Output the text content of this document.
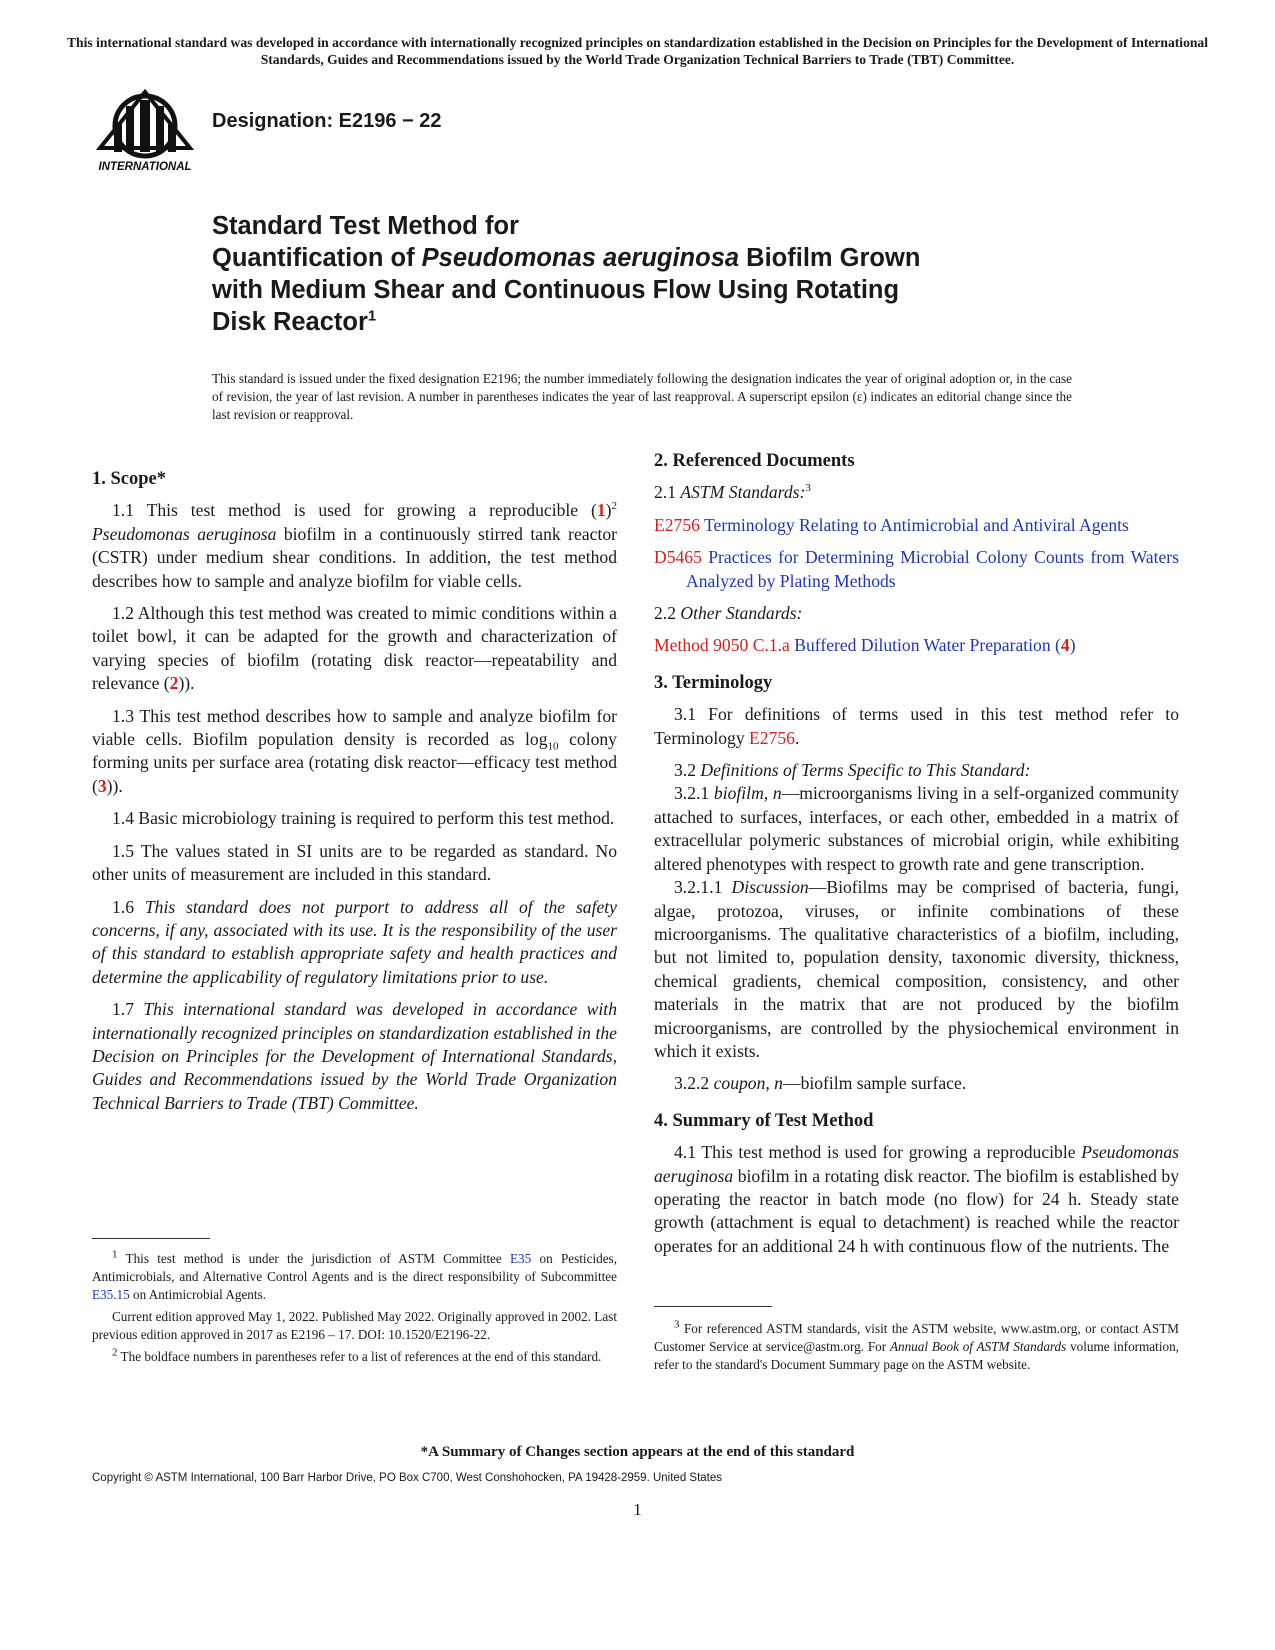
This international standard was developed in accordance with internationally recognized principles on standardization established in the Decision on Principles for the Development of International Standards, Guides and Recommendations issued by the World Trade Organization Technical Barriers to Trade (TBT) Committee.
INTERNATIONAL
Designation: E2196 − 22
Standard Test Method for
Quantification of Pseudomonas aeruginosa Biofilm Grown
with Medium Shear and Continuous Flow Using Rotating
Disk Reactor$^1$
This standard is issued under the fixed designation E2196; the number immediately following the designation indicates the year of original adoption or, in the case of revision, the year of last revision. A number in parentheses indicates the year of last reapproval. A superscript epsilon (ε) indicates an editorial change since the last revision or reapproval.
1. Scope*

1.1 This test method is used for growing a reproducible $(1)^2$ Pseudomonas aeruginosa biofilm in a continuously stirred tank reactor (CSTR) under medium shear conditions. In addition, the test method describes how to sample and analyze biofilm for viable cells.

1.2 Although this test method was created to mimic conditions within a toilet bowl, it can be adapted for the growth and characterization of varying species of biofilm (rotating disk reactor—repeatability and relevance (2)).

1.3 This test method describes how to sample and analyze biofilm for viable cells. Biofilm population density is recorded as $\log_{10}$ colony forming units per surface area (rotating disk reactor—efficacy test method (3)).

1.4 Basic microbiology training is required to perform this test method.

1.5 The values stated in SI units are to be regarded as standard. No other units of measurement are included in this standard.

1.6 This standard does not purport to address all of the safety concerns, if any, associated with its use. It is the responsibility of the user of this standard to establish appropriate safety and health practices and determine the applicability of regulatory limitations prior to use.

1.7 This international standard was developed in accordance with internationally recognized principles on standardization established in the Decision on Principles for the Development of International Standards, Guides and Recommendations issued by the World Trade Organization Technical Barriers to Trade (TBT) Committee.

$^1$ This test method is under the jurisdiction of ASTM Committee E35 on Pesticides, Antimicrobials, and Alternative Control Agents and is the direct responsibility of Subcommittee E35.15 on Antimicrobial Agents.

Current edition approved May 1, 2022. Published May 2022. Originally approved in 2002. Last previous edition approved in 2017 as E2196 – 17. DOI: 10.1520/E2196-22.

$^2$ The boldface numbers in parentheses refer to a list of references at the end of this standard.

2. Referenced Documents

2.1 ASTM Standards:$^3$

E2756 Terminology Relating to Antimicrobial and Antiviral Agents

D5465 Practices for Determining Microbial Colony Counts from Waters Analyzed by Plating Methods

2.2 Other Standards:

Method 9050 C.1.a Buffered Dilution Water Preparation (4)

3. Terminology

3.1 For definitions of terms used in this test method refer to Terminology E2756.

3.2 Definitions of Terms Specific to This Standard:

3.2.1 biofilm, n—microorganisms living in a self-organized community attached to surfaces, interfaces, or each other, embedded in a matrix of extracellular polymeric substances of microbial origin, while exhibiting altered phenotypes with respect to growth rate and gene transcription.

3.2.1.1 Discussion—Biofilms may be comprised of bacteria, fungi, algae, protozoa, viruses, or infinite combinations of these microorganisms. The qualitative characteristics of a biofilm, including, but not limited to, population density, taxonomic diversity, thickness, chemical gradients, chemical composition, consistency, and other materials in the matrix that are not produced by the biofilm microorganisms, are controlled by the physiochemical environment in which it exists.

3.2.2 coupon, n—biofilm sample surface.

4. Summary of Test Method

4.1 This test method is used for growing a reproducible Pseudomonas aeruginosa biofilm in a rotating disk reactor. The biofilm is established by operating the reactor in batch mode (no flow) for 24 h. Steady state growth (attachment is equal to detachment) is reached while the reactor operates for an additional 24 h with continuous flow of the nutrients. The

$^3$ For referenced ASTM standards, visit the ASTM website, www.astm.org, or contact ASTM Customer Service at service@astm.org. For Annual Book of ASTM Standards volume information, refer to the standard's Document Summary page on the ASTM website.

*A Summary of Changes section appears at the end of this standard
Copyright © ASTM International, 100 Barr Harbor Drive, PO Box C700, West Conshohocken, PA 19428-2959. United States
1
